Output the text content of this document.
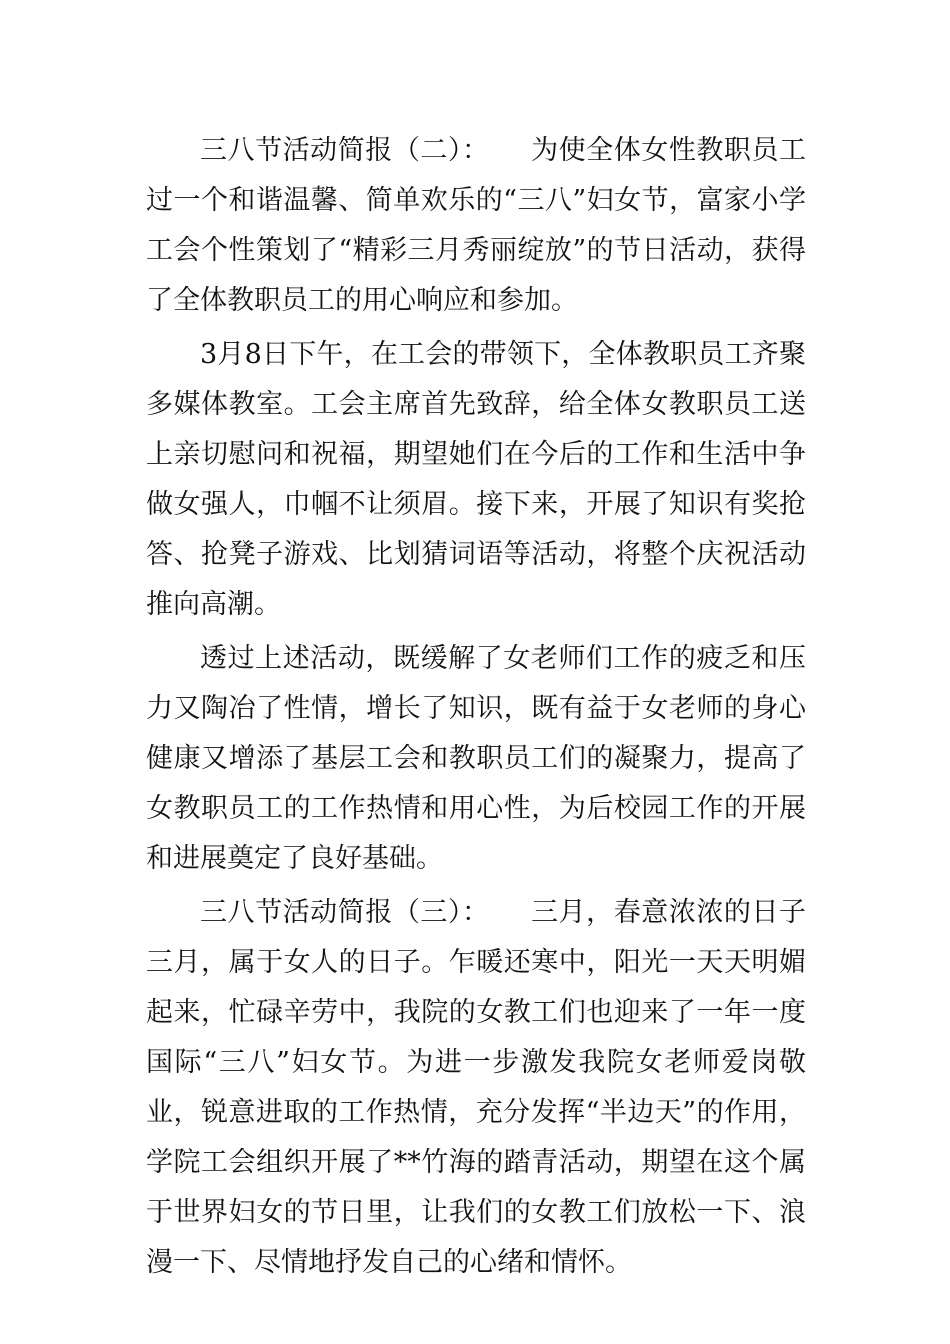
三八节活动简报（二）：　　为使全体女性教职员工过一个和谐温馨、简单欢乐的“三八”妇女节，富家小学工会个性策划了“精彩三月秀丽绽放”的节日活动，获得了全体教职员工的用心响应和参加。

3月8日下午，在工会的带领下，全体教职员工齐聚多媒体教室。工会主席首先致辞，给全体女教职员工送上亲切慰问和祝福，期望她们在今后的工作和生活中争做女强人，巾帼不让须眉。接下来，开展了知识有奖抢答、抢凳子游戏、比划猜词语等活动，将整个庆祝活动推向高潮。

透过上述活动，既缓解了女老师们工作的疲乏和压力又陶冶了性情，增长了知识，既有益于女老师的身心健康又增添了基层工会和教职员工们的凝聚力，提高了女教职员工的工作热情和用心性，为后校园工作的开展和进展奠定了良好基础。

三八节活动简报（三）：　　三月，春意浓浓的日子三月，属于女人的日子。乍暖还寒中，阳光一天天明媚起来，忙碌辛劳中，我院的女教工们也迎来了一年一度国际“三八”妇女节。为进一步激发我院女老师爱岗敬业，锐意进取的工作热情，充分发挥“半边天”的作用，学院工会组织开展了**竹海的踏青活动，期望在这个属于世界妇女的节日里，让我们的女教工们放松一下、浪漫一下、尽情地抒发自己的心绪和情怀。
